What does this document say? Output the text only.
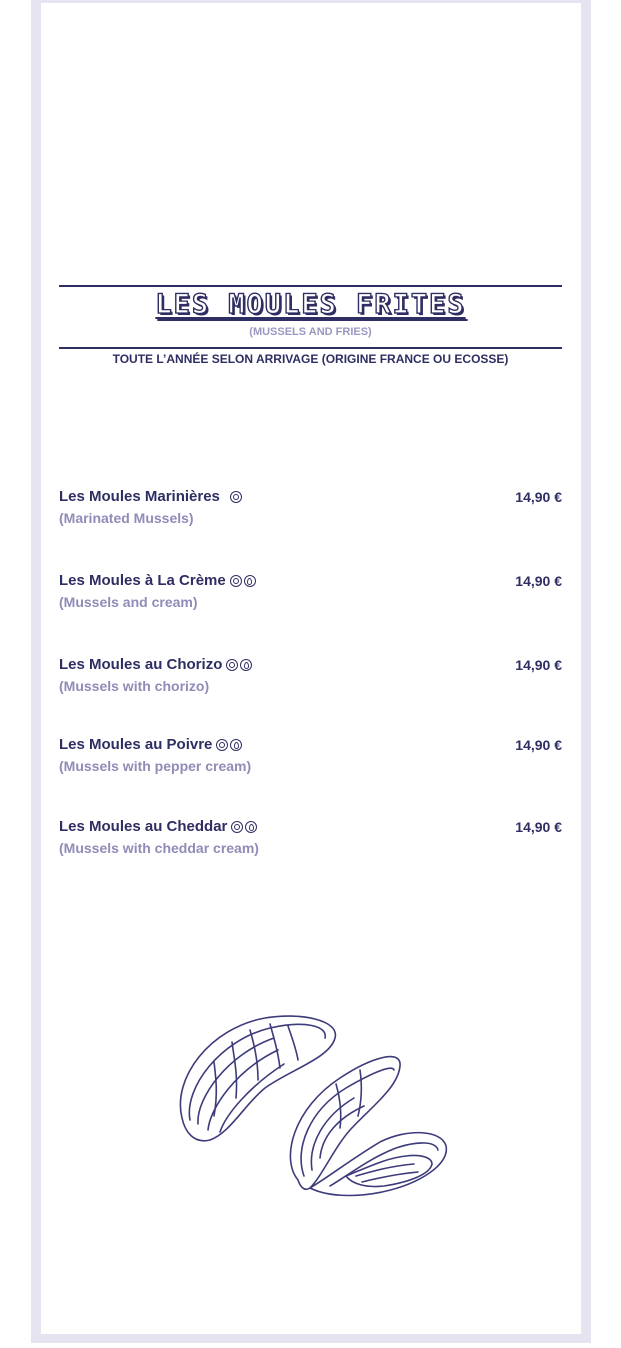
LES MOULES FRITES
(MUSSELS AND FRIES)
TOUTE L’ANNÉE SELON ARRIVAGE (ORIGINE FRANCE OU ECOSSE)
Les Moules Marinières
(Marinated Mussels)
14,90 €
Les Moules à La Crème
(Mussels and cream)
14,90 €
Les Moules au Chorizo
(Mussels with chorizo)
14,90 €
Les Moules au Poivre
(Mussels with pepper cream)
14,90 €
Les Moules au Cheddar
(Mussels with cheddar cream)
14,90 €
